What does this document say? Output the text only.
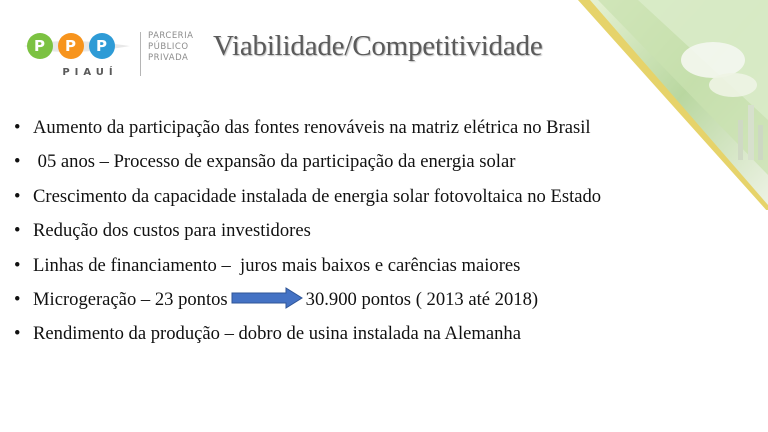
P P P
PIAUÍ
PARCERIA
PÚBLICO
PRIVADA Viabilidade/Competitividade
• Aumento da participação das fontes renováveis na matriz elétrica no Brasil
• 05 anos – Processo de expansão da participação da energia solar
• Crescimento da capacidade instalada de energia solar fotovoltaica no Estado
• Redução dos custos para investidores
• Linhas de financiamento –  juros mais baixos e carências maiores
• Microgeração – 23 pontos	30.900 pontos ( 2013 até 2018)
• Rendimento da produção – dobro de usina instalada na Alemanha
